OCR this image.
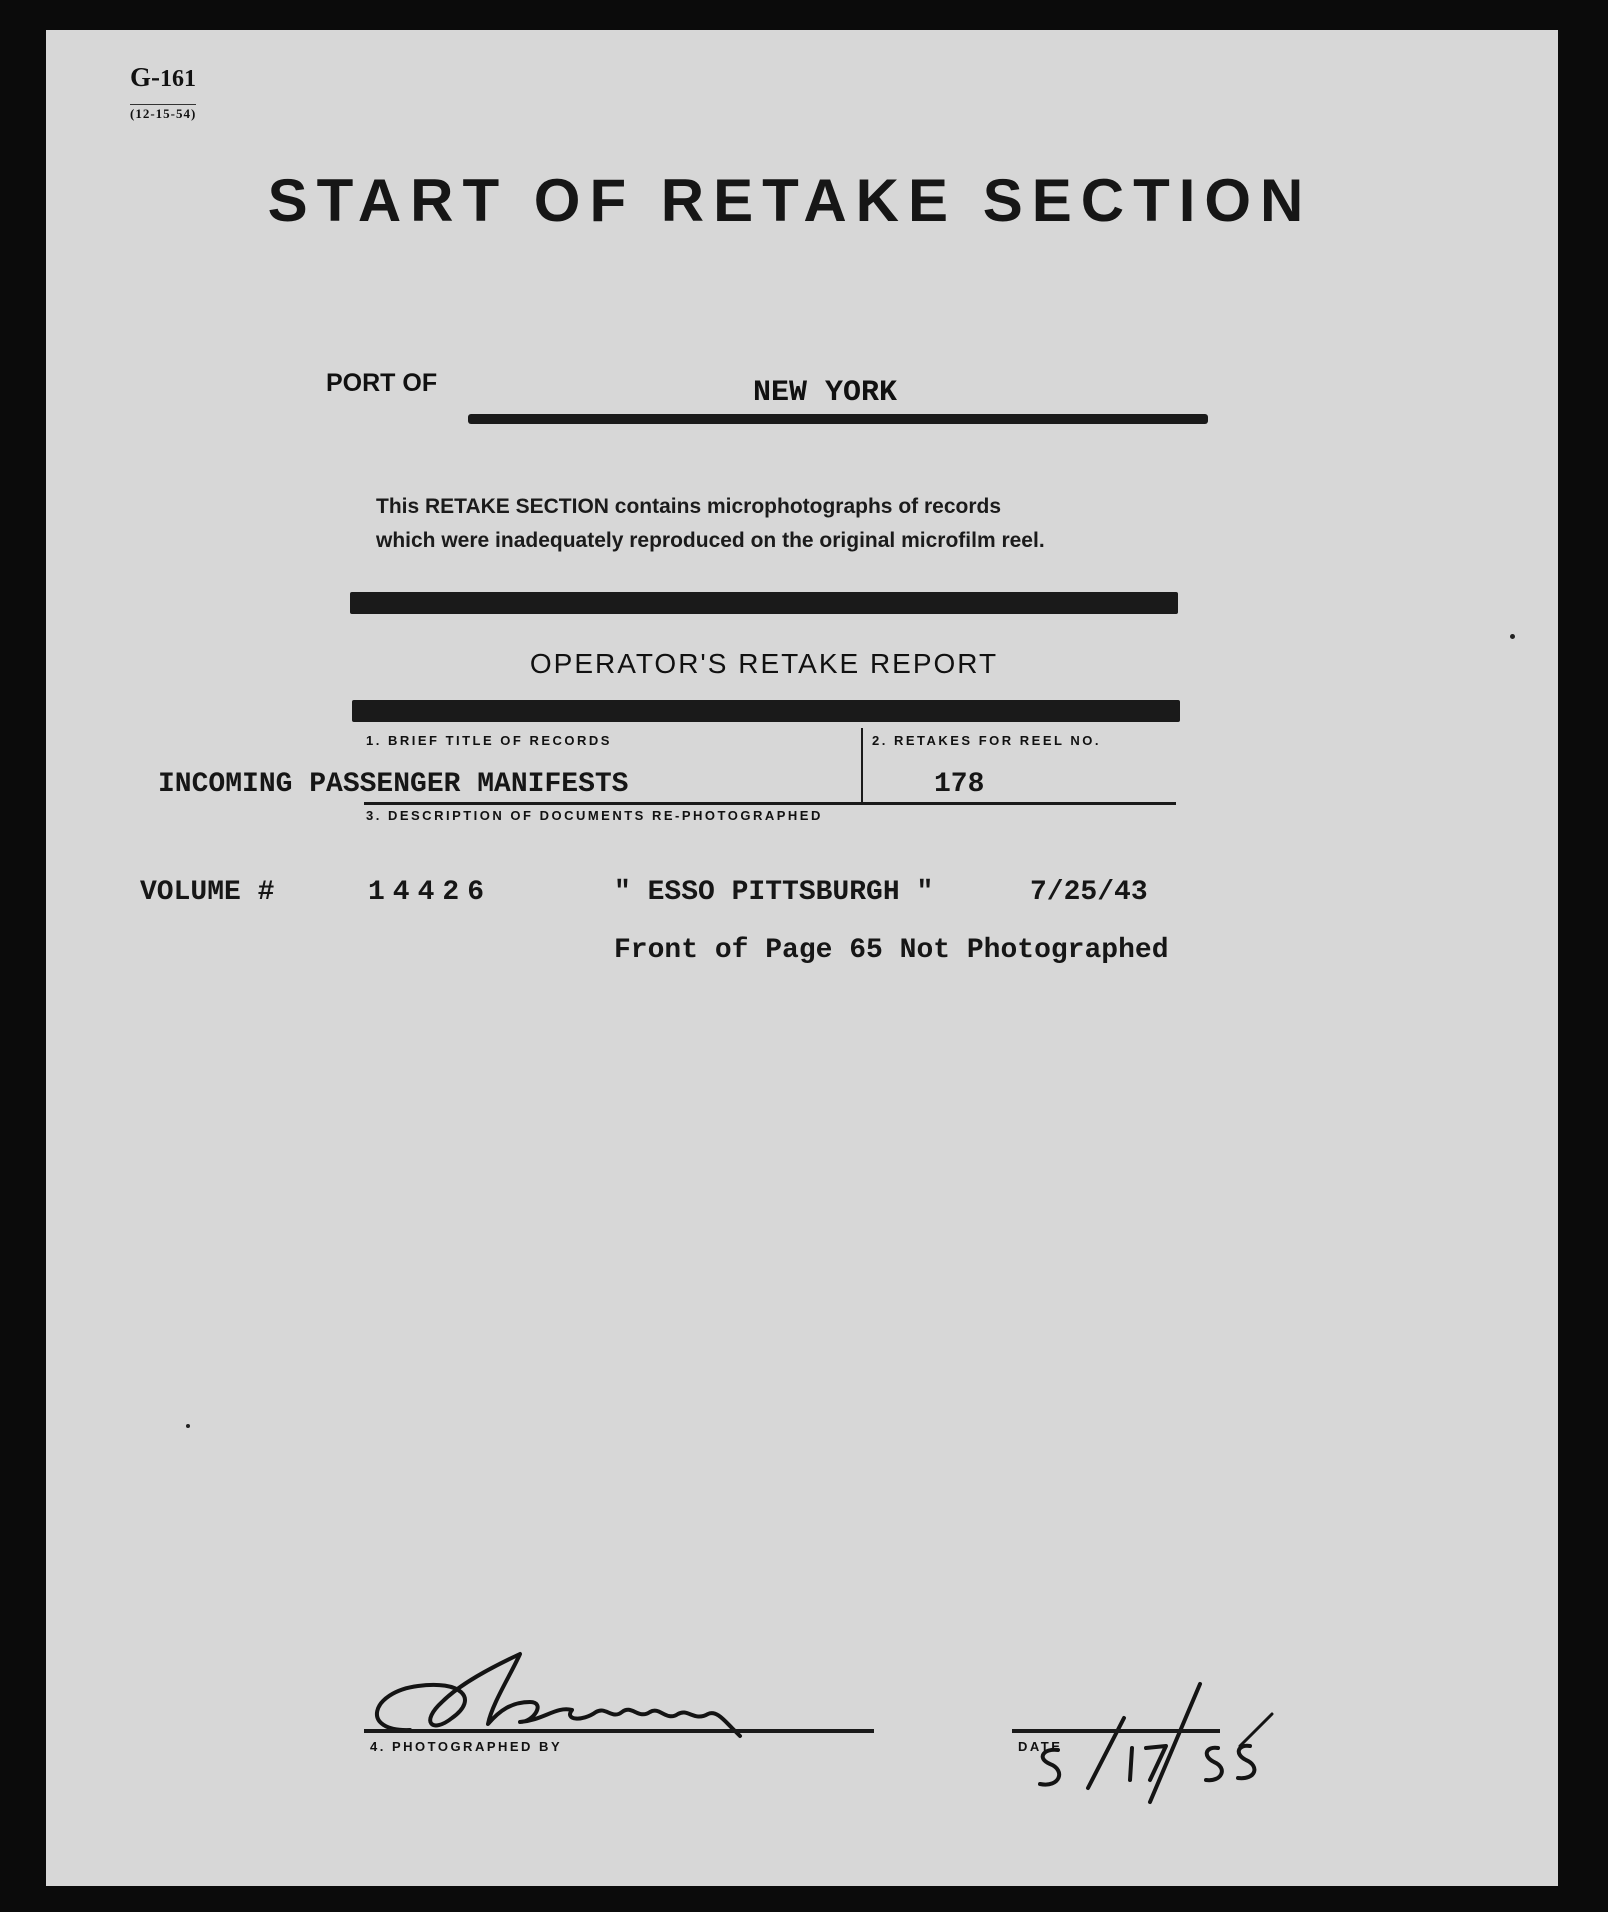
G-161
(12-15-54)
START OF RETAKE SECTION
PORT OF	NEW YORK
This RETAKE SECTION contains microphotographs of records
which were inadequately reproduced on the original microfilm reel.
OPERATOR'S RETAKE REPORT
1. BRIEF TITLE OF RECORDS	2. RETAKES FOR REEL NO.
INCOMING PASSENGER MANIFESTS	178
3. DESCRIPTION OF DOCUMENTS RE-PHOTOGRAPHED
VOLUME #	14426	" ESSO PITTSBURGH "	7/25/43
Front of Page 65 Not Photographed
4. PHOTOGRAPHED BY	DATE
